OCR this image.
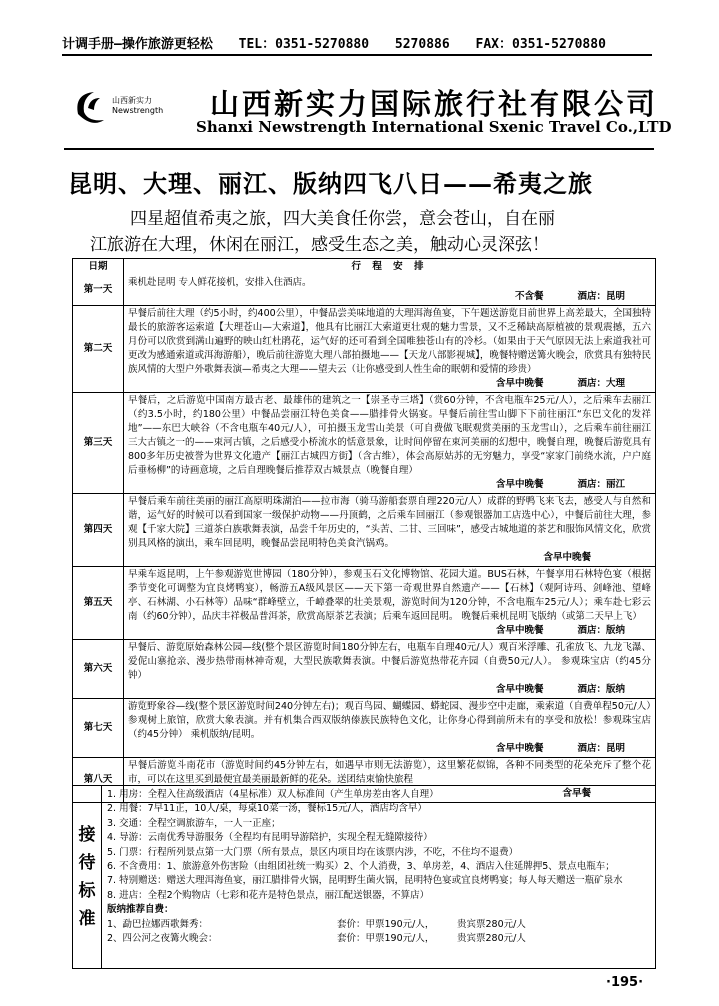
计调手册—操作旅游更轻松 TEL：0351-5270880 5270886 FAX：0351-5270880
山西新实力
Newstrength 山西新实力国际旅行社有限公司
Shanxi Newstrength International Sxenic Travel Co.,LTD
昆明、大理、丽江、版纳四飞八日——希夷之旅

四星超值希夷之旅，四大美食任你尝，意会苍山，自在丽

江旅游在大理，休闲在丽江，感受生态之美，触动心灵深弦！

日期	行 程 安 排
第一天
乘机赴昆明 专人鲜花接机，安排入住酒店。
不含餐	酒店：昆明
第二天
早餐后前往大理（约5小时，约400公里），中餐品尝美味地道的大理洱海鱼宴，下午题送游览目前世界上高差最大，全国独特最长的旅游客运索道【大理苍山—大索道】，他具有比丽江大索道更壮观的魅力雪景，又不乏稀缺高原植被的景观震撼，五六月份可以欣赏到满山遍野的映山红杜鹃花，运气好的还可看到全国唯独苍山有的冷杉。（如果由于天气原因无法上索道我社可更改为感通索道或洱海游船），晚后前往游览大理八部拍摄地——【天龙八部影视城】，晚餐特赠送篝火晚会，欣赏具有独特民族风情的大型户外歌舞表演—希夷之大理——望夫云（让你感受到人性生命的眠朝和爱情的珍贵）
含早中晚餐	酒店：大理
第三天
早餐后，之后游览中国南方最古老、最雄伟的建筑之一【崇圣寺三塔】（赏60分钟，不含电瓶车25元/人），之后乘车去丽江（约3.5小时，约180公里）中餐品尝丽江特色美食——腊排骨火锅宴。早餐后前往雪山脚下下前往丽江“东巴文化的发祥地”——东巴大峡谷（不含电瓶车40元/人），可拍摄玉龙雪山美景（可自费做飞眠观赏美丽的玉龙雪山），之后乘车前往丽江三大古镇之一的——束河古镇，之后感受小桥流水的恬意景象，让时间停留在束河美丽的幻想中，晚餐自理，晚餐后游览具有800多年历史被誉为世界文化遗产【丽江古城四方街】（含古维），体会高原姑苏的无穷魅力，享受“家家门前绕水流，户户庭后垂杨柳”的诗画意境，之后自理晚餐后推荐双古城景点（晚餐自理）
含早中晚餐	酒店：丽江
第四天
早餐后乘车前往美丽的丽江高原明珠湖泊——拉市海（骑马游船套票自理220元/人）成群的野鸭飞来飞去，感受人与自然和谐，运气好的时候可以看到国家一级保护动物——丹顶鹤，之后乘车回丽江（参观银器加工店选中心），中餐后前往大理，参观【千家大院】三道茶白族歌舞表演，品尝千年历史的，“头苦、二甘、三回味”，感受古城地道的茶艺和服饰风情文化，欣赏别具风格的演出，乘车回昆明，晚餐品尝昆明特色美食汽锅鸡。
含早中晚餐
第五天
早乘车返昆明，上午参观游览世博园（180分钟），参观玉石文化博物馆、花园大道。BUS石林，午餐享用石林特色宴（根据季节变化可调整为宜良烤鸭宴），畅游五A级风景区——天下第一奇观世界自然遗产——【石林】（观阿诗玛、剑峰池、望峰亭、石林湖、小石林等）品味“群峰壁立，千嶂叠翠的壮美景观，游览时间为120分钟，不含电瓶车25元/人）；乘车赴七彩云南（约60分钟），品庆丰祥极品普洱茶，欣赏高原茶艺表演；后乘车返回昆明。 晚餐后乘机昆明飞版纳（或第二天早上飞）
含早中晚餐	酒店：版纳
第六天
早餐后、游览原始森林公园—线(整个景区游览时间180分钟左右，电瓶车自理40元/人）观百米浮雕、孔雀放飞、九龙飞瀑、爱伲山寨抢亲、漫步热带雨林神奇观，大型民族歌舞表演。中餐后游览热带花卉园（自费50元/人）。 参观珠宝店（约45分钟）
含早中晚餐	酒店：版纳
第七天
游览野象谷—线(整个景区游览时间240分钟左右)；观百鸟园、蝴蝶园、蟒蛇园、漫步空中走廊，乘索道（自费单程50元/人）参观树上旅馆，欣赏大象表演。并有机集合西双版纳傣族民族特色文化，让你身心得到前所未有的享受和放松！参观珠宝店（约45分钟） 乘机版纳/昆明。
含早中晚餐	酒店：昆明
第八天
早餐后游览斗南花市（游览时间约45分钟左右，如遇早市则无法游览），这里繁花似锦，各种不同类型的花朵充斥了整个花市，可以在这里买到最便宜最美丽最新鲜的花朵。送团结束愉快旅程
含早餐
接
待
标
准
1. 用房：全程入住高级酒店（4星标准）双人标准间（产生单房差由客人自理）
2. 用餐：7早11正，10人/桌，每桌10菜一汤，餐标15元/人，酒店均含早）
3. 交通：全程空调旅游车，一人一正座；
4. 导游：云南优秀导游服务（全程均有昆明导游陪护，实现全程无缝隙接待）
5. 门票：行程所列景点第一大门票（所有景点，景区内项目均在该票内涉，不吃，不住均不退费）
6. 不含费用：1、旅游意外伤害险（由组团社统一购买）2、个人消费，3、单房差，4、酒店入住延牌押5、景点电瓶车；
7. 特别赠送：赠送大理洱海鱼宴，丽江腊排骨火锅，昆明野生菌火锅，昆明特色宴或宜良烤鸭宴；每人每天赠送一瓶矿泉水
8. 进店：全程2个购物店（七彩和花卉是特色景点，丽江配送银器，不算店）
版纳推荐自费：
1、勐巴拉娜西歌舞秀：	套价：甲票190元/人，	贵宾票280元/人
2、四公河之夜篝火晚会：	套价：甲票190元/人，	贵宾票280元/人
·195·
